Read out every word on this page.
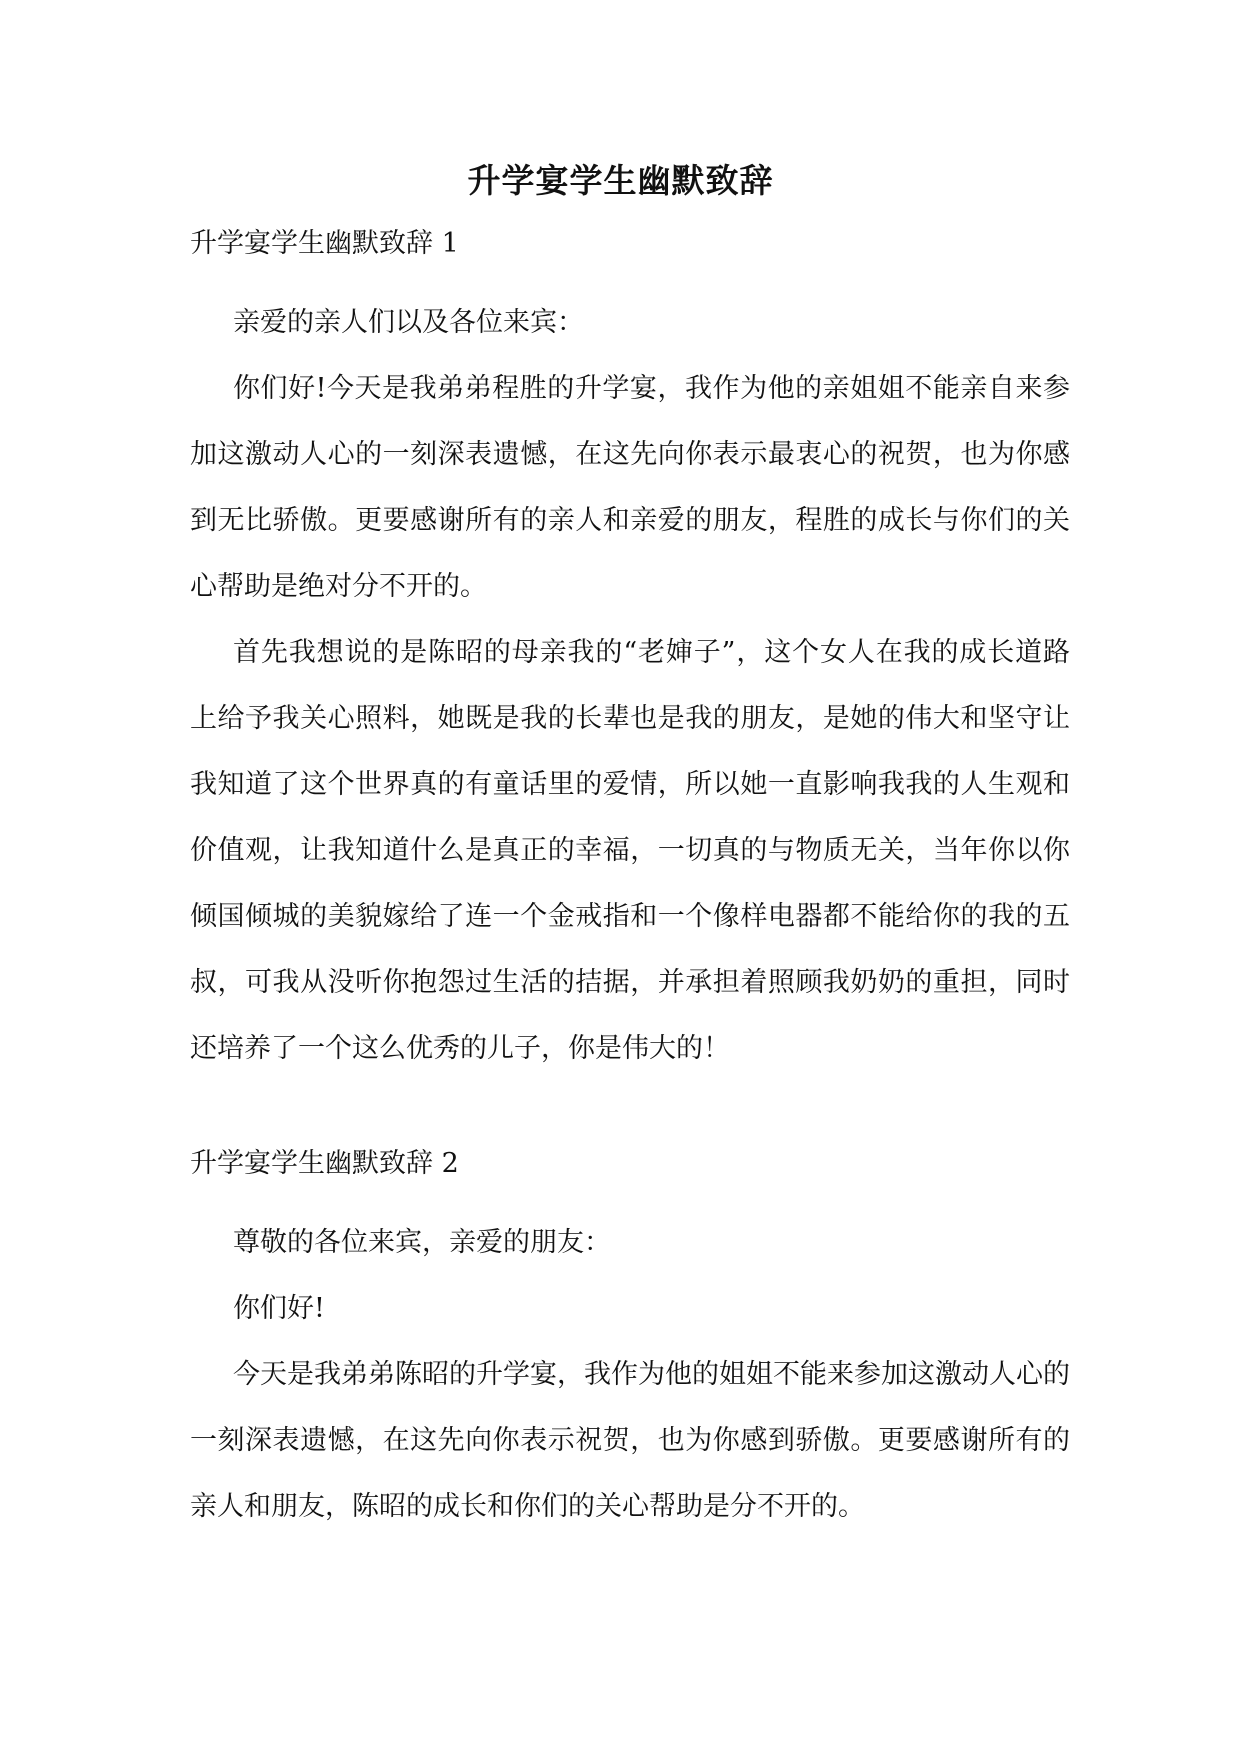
升学宴学生幽默致辞

升学宴学生幽默致辞 1

亲爱的亲人们以及各位来宾：

你们好!今天是我弟弟程胜的升学宴，我作为他的亲姐姐不能亲自来参加这激动人心的一刻深表遗憾，在这先向你表示最衷心的祝贺，也为你感到无比骄傲。更要感谢所有的亲人和亲爱的朋友，程胜的成长与你们的关心帮助是绝对分不开的。

首先我想说的是陈昭的母亲我的“老婶子”，这个女人在我的成长道路上给予我关心照料，她既是我的长辈也是我的朋友，是她的伟大和坚守让我知道了这个世界真的有童话里的爱情，所以她一直影响我我的人生观和价值观，让我知道什么是真正的幸福，一切真的与物质无关，当年你以你倾国倾城的美貌嫁给了连一个金戒指和一个像样电器都不能给你的我的五叔，可我从没听你抱怨过生活的拮据，并承担着照顾我奶奶的重担，同时还培养了一个这么优秀的儿子，你是伟大的！

升学宴学生幽默致辞 2

尊敬的各位来宾，亲爱的朋友：

你们好!

今天是我弟弟陈昭的升学宴，我作为他的姐姐不能来参加这激动人心的一刻深表遗憾，在这先向你表示祝贺，也为你感到骄傲。更要感谢所有的亲人和朋友，陈昭的成长和你们的关心帮助是分不开的。
